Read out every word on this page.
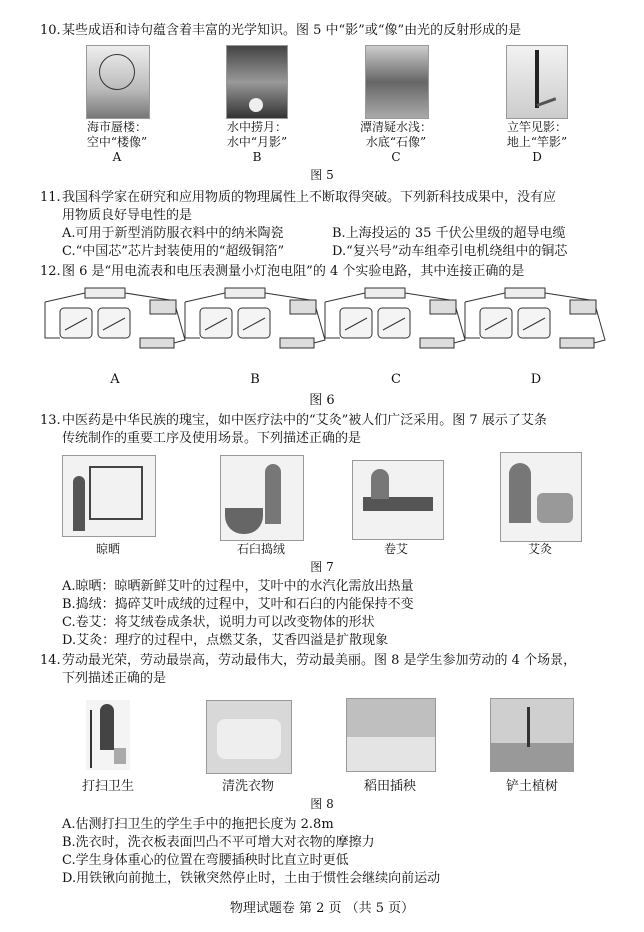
10.某些成语和诗句蕴含着丰富的光学知识。图 5 中“影”或“像”由光的反射形成的是
海市蜃楼：
空中“楼像”
A
水中捞月：
水中“月影”
B
潭清疑水浅：
水底“石像”
C
立竿见影：
地上“竿影”
D
图 5
11.我国科学家在研究和应用物质的物理属性上不断取得突破。下列新科技成果中，没有应
用物质良好导电性的是
A.可用于新型消防服衣料中的纳米陶瓷	B.上海投运的 35 千伏公里级的超导电缆
C.“中国芯”芯片封装使用的“超级铜箔”	D.“复兴号”动车组牵引电机绕组中的铜芯
12.图 6 是“用电流表和电压表测量小灯泡电阻”的 4 个实验电路，其中连接正确的是
A	B	C	D
图 6
13.中医药是中华民族的瑰宝，如中医疗法中的“艾灸”被人们广泛采用。图 7 展示了艾条
传统制作的重要工序及使用场景。下列描述正确的是
晾晒	石臼捣绒	卷艾	艾灸
图 7
A.晾晒：晾晒新鲜艾叶的过程中，艾叶中的水汽化需放出热量
B.捣绒：捣碎艾叶成绒的过程中，艾叶和石臼的内能保持不变
C.卷艾：将艾绒卷成条状，说明力可以改变物体的形状
D.艾灸：理疗的过程中，点燃艾条，艾香四溢是扩散现象
14.劳动最光荣，劳动最崇高，劳动最伟大，劳动最美丽。图 8 是学生参加劳动的 4 个场景，
下列描述正确的是
打扫卫生	清洗衣物	稻田插秧	铲土植树
图 8
A.估测打扫卫生的学生手中的拖把长度为 2.8m
B.洗衣时，洗衣板表面凹凸不平可增大对衣物的摩擦力
C.学生身体重心的位置在弯腰插秧时比直立时更低
D.用铁锹向前抛土，铁锹突然停止时，土由于惯性会继续向前运动
物理试题卷 第 2 页 （共 5 页）
